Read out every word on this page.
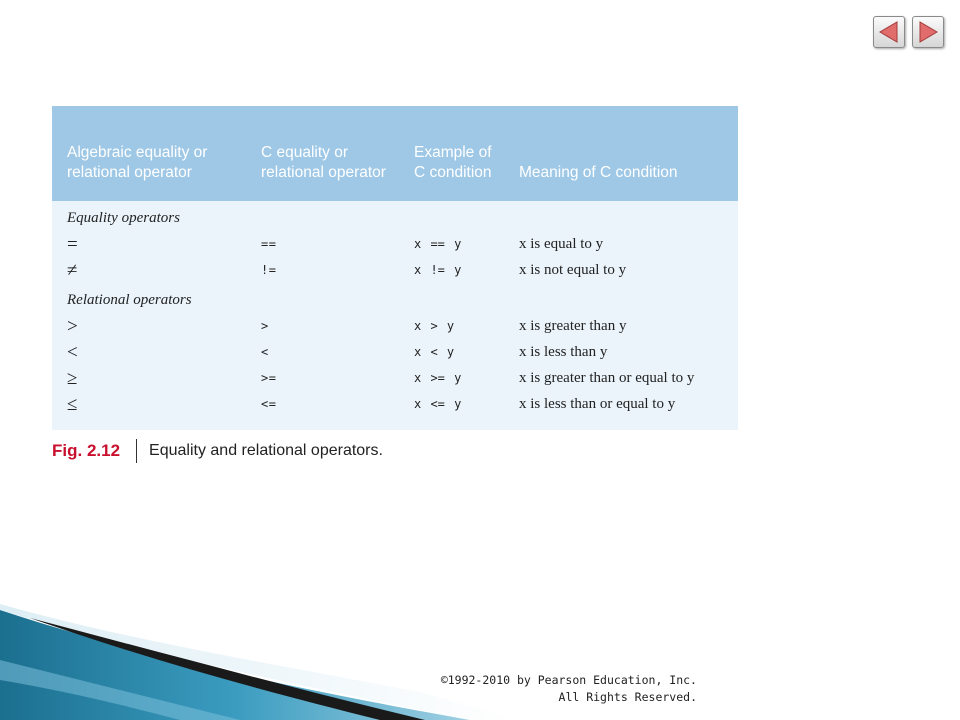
Algebraic equality or relational operator	C equality or relational operator	Example of C condition	Meaning of C condition
Equality operators			
=	==	x == y	x is equal to y
≠	!=	x != y	x is not equal to y
Relational operators			
>	>	x > y	x is greater than y
<	<	x < y	x is less than y
≥	>=	x >= y	x is greater than or equal to y
≤	<=	x <= y	x is less than or equal to y
Fig. 2.12 Equality and relational operators.
©1992-2010 by Pearson Education, Inc.
All Rights Reserved.
